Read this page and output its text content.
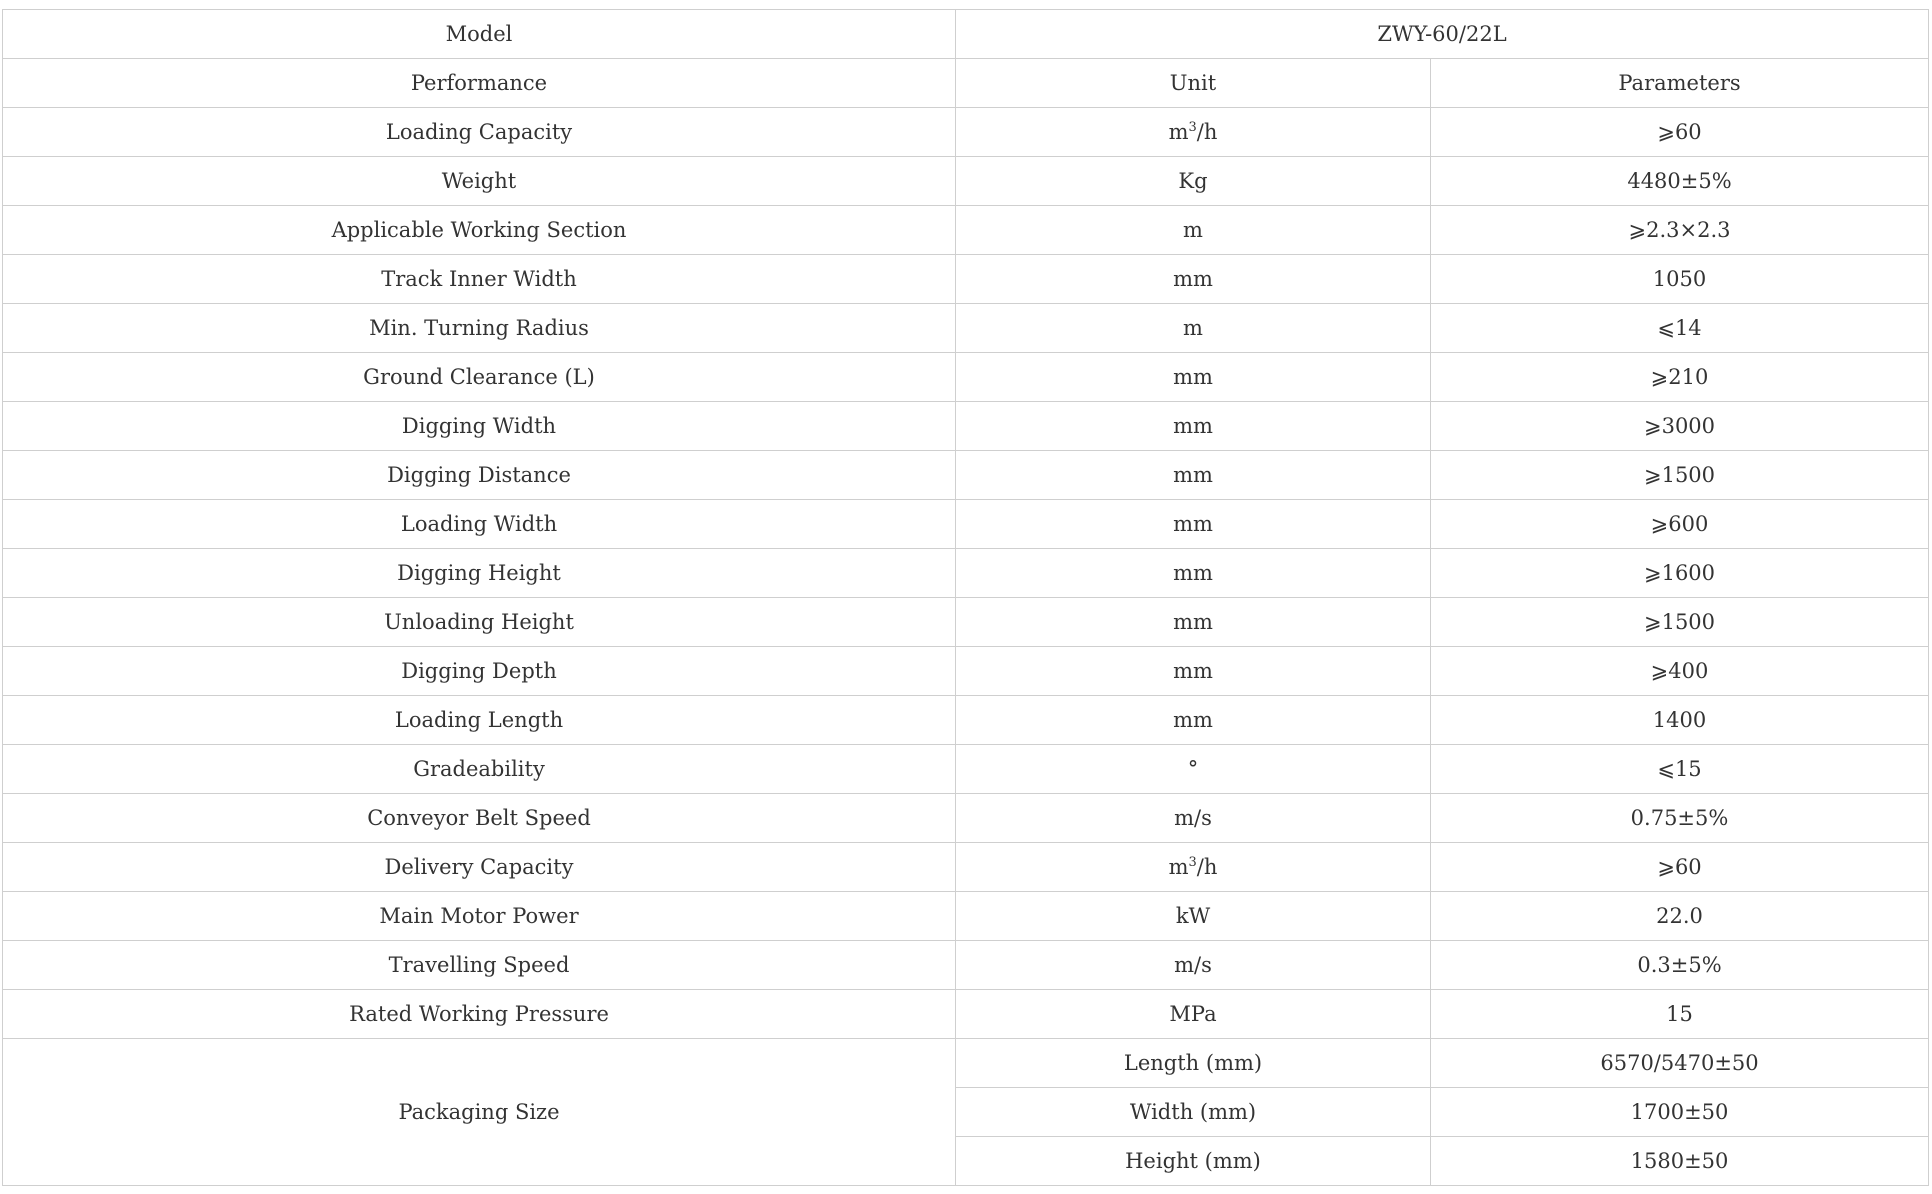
Model	ZWY-60/22L	
Performance	Unit	Parameters
Loading Capacity	$m^3/h$	⩾60
Weight	Kg	4480±5%
Applicable Working Section	m	⩾2.3×2.3
Track Inner Width	mm	1050
Min. Turning Radius	m	⩽14
Ground Clearance (L)	mm	⩾210
Digging Width	mm	⩾3000
Digging Distance	mm	⩾1500
Loading Width	mm	⩾600
Digging Height	mm	⩾1600
Unloading Height	mm	⩾1500
Digging Depth	mm	⩾400
Loading Length	mm	1400
Gradeability	°	⩽15
Conveyor Belt Speed	m/s	0.75±5%
Delivery Capacity	$m^3/h$	⩾60
Main Motor Power	kW	22.0
Travelling Speed	m/s	0.3±5%
Rated Working Pressure	MPa	15
Packaging Size	Length (mm)	6570/5470±50
	Width (mm)	1700±50
	Height (mm)	1580±50
